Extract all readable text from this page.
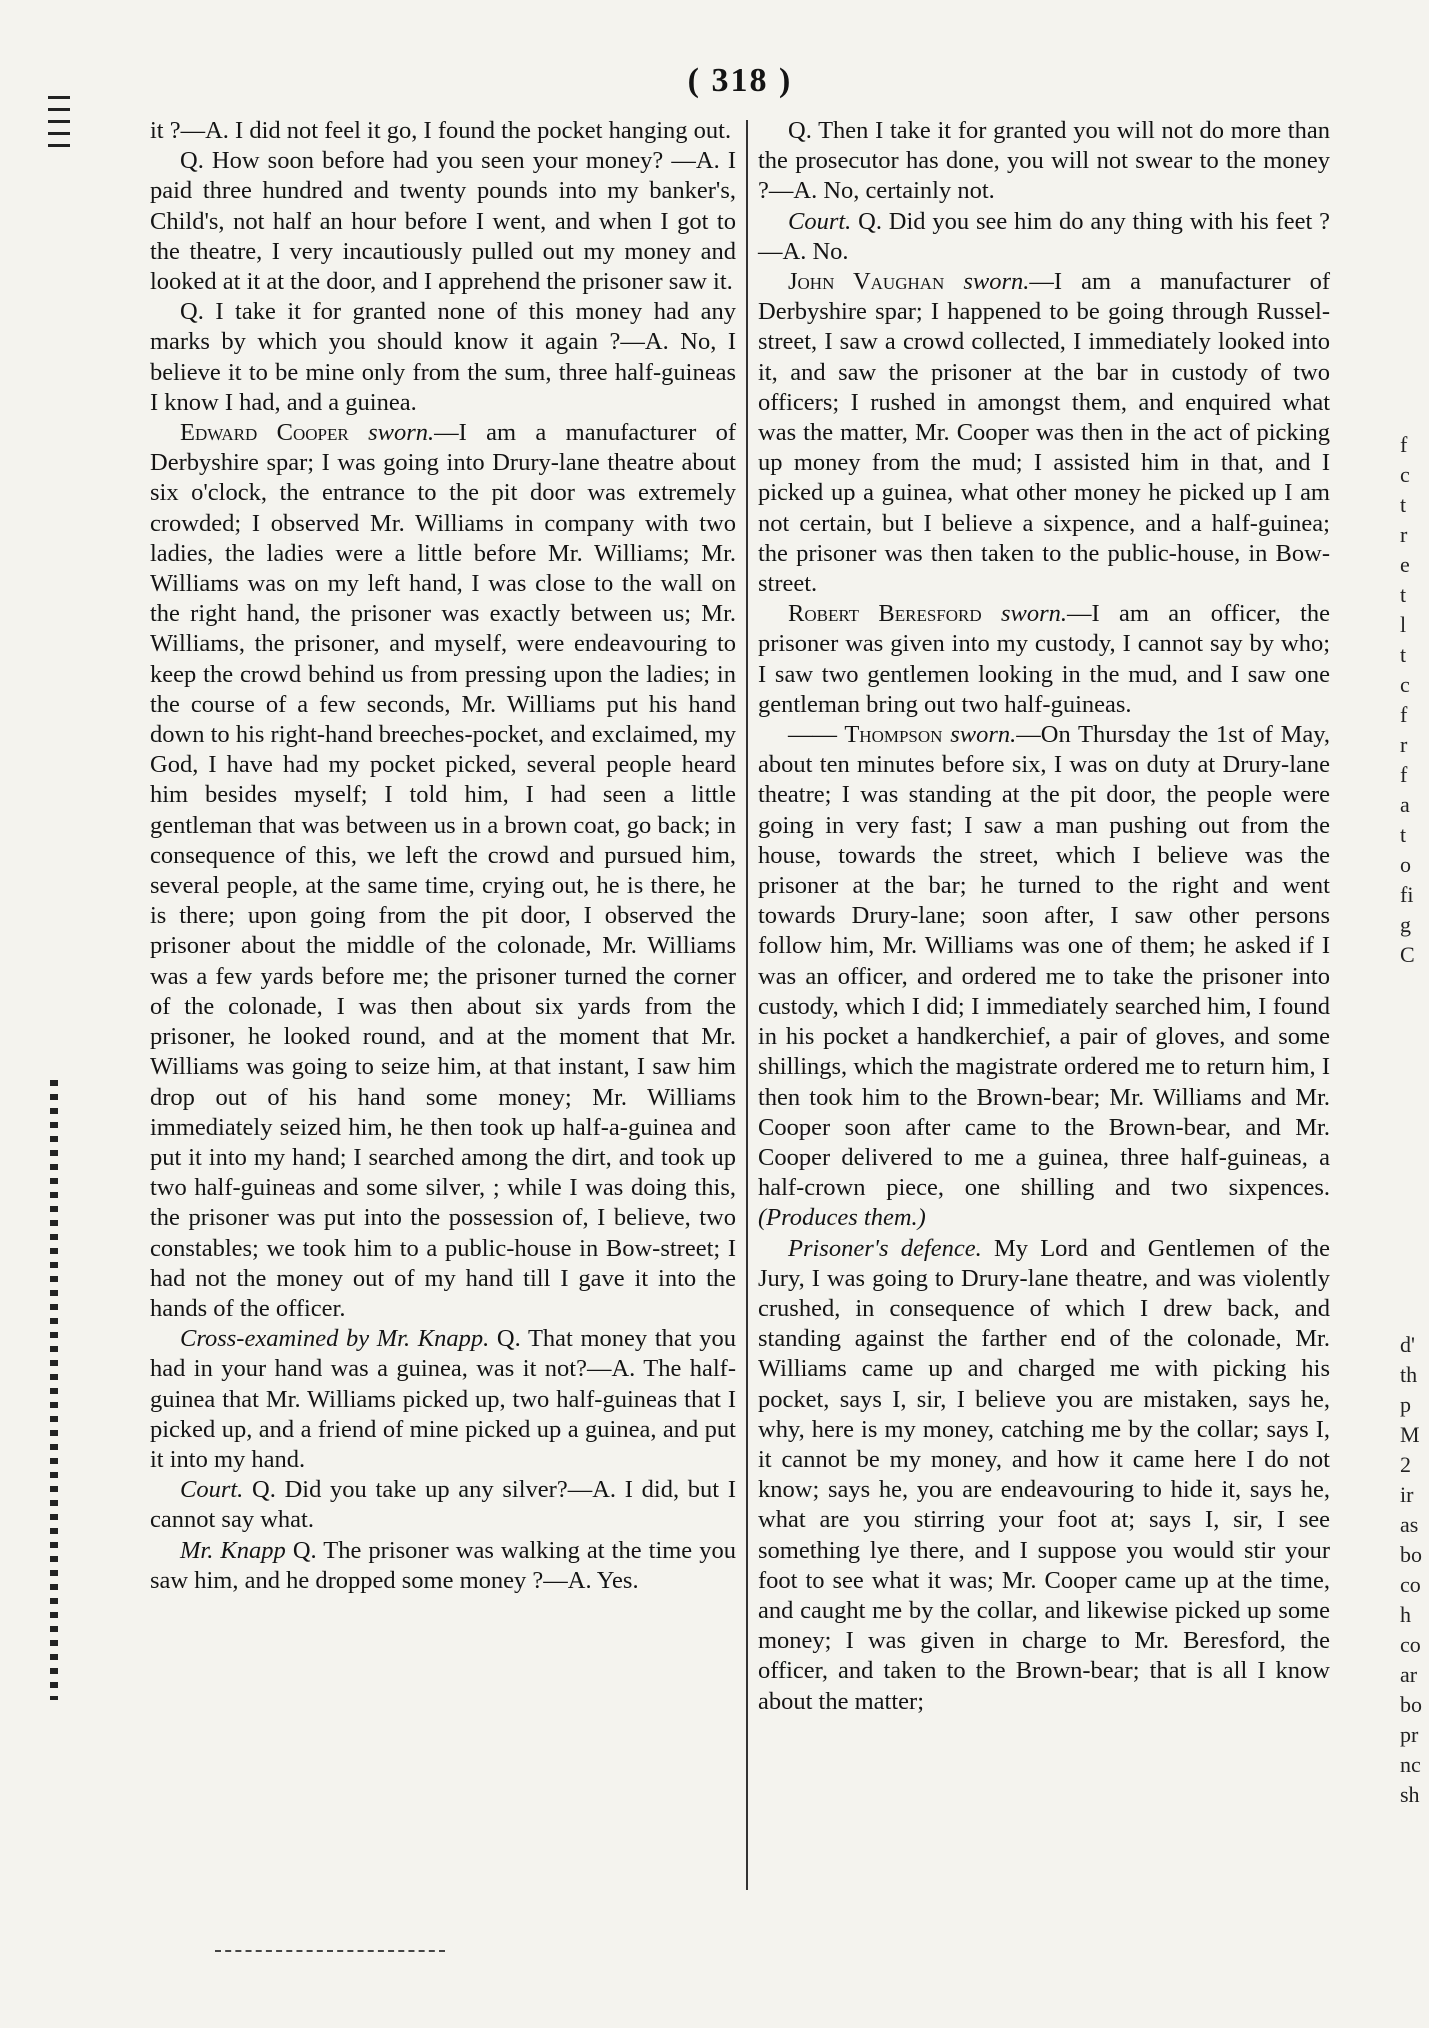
( 318 )

it ?—A. I did not feel it go, I found the pocket hanging out.

Q. How soon before had you seen your money? —A. I paid three hundred and twenty pounds into my banker's, Child's, not half an hour before I went, and when I got to the theatre, I very incautiously pulled out my money and looked at it at the door, and I apprehend the prisoner saw it.

Q. I take it for granted none of this money had any marks by which you should know it again ?—A. No, I believe it to be mine only from the sum, three half-guineas I know I had, and a guinea.

Edward Cooper sworn.—I am a manufacturer of Derbyshire spar; I was going into Drury-lane theatre about six o'clock, the entrance to the pit door was extremely crowded; I observed Mr. Williams in company with two ladies, the ladies were a little before Mr. Williams; Mr. Williams was on my left hand, I was close to the wall on the right hand, the prisoner was exactly between us; Mr. Williams, the prisoner, and myself, were endeavouring to keep the crowd behind us from pressing upon the ladies; in the course of a few seconds, Mr. Williams put his hand down to his right-hand breeches-pocket, and exclaimed, my God, I have had my pocket picked, several people heard him besides myself; I told him, I had seen a little gentleman that was between us in a brown coat, go back; in consequence of this, we left the crowd and pursued him, several people, at the same time, crying out, he is there, he is there; upon going from the pit door, I observed the prisoner about the middle of the colonade, Mr. Williams was a few yards before me; the prisoner turned the corner of the colonade, I was then about six yards from the prisoner, he looked round, and at the moment that Mr. Williams was going to seize him, at that instant, I saw him drop out of his hand some money; Mr. Williams immediately seized him, he then took up half-a-guinea and put it into my hand; I searched among the dirt, and took up two half-guineas and some silver, ; while I was doing this, the prisoner was put into the possession of, I believe, two constables; we took him to a public-house in Bow-street; I had not the money out of my hand till I gave it into the hands of the officer.

Cross-examined by Mr. Knapp. Q. That money that you had in your hand was a guinea, was it not?—A. The half-guinea that Mr. Williams picked up, two half-guineas that I picked up, and a friend of mine picked up a guinea, and put it into my hand.

Court. Q. Did you take up any silver?—A. I did, but I cannot say what.

Mr. Knapp Q. The prisoner was walking at the time you saw him, and he dropped some money ?—A. Yes.

Q. Then I take it for granted you will not do more than the prosecutor has done, you will not swear to the money ?—A. No, certainly not.

Court. Q. Did you see him do any thing with his feet ?—A. No.

John Vaughan sworn.—I am a manufacturer of Derbyshire spar; I happened to be going through Russel-street, I saw a crowd collected, I immediately looked into it, and saw the prisoner at the bar in custody of two officers; I rushed in amongst them, and enquired what was the matter, Mr. Cooper was then in the act of picking up money from the mud; I assisted him in that, and I picked up a guinea, what other money he picked up I am not certain, but I believe a sixpence, and a half-guinea; the prisoner was then taken to the public-house, in Bow-street.

Robert Beresford sworn.—I am an officer, the prisoner was given into my custody, I cannot say by who; I saw two gentlemen looking in the mud, and I saw one gentleman bring out two half-guineas.

—— Thompson sworn.—On Thursday the 1st of May, about ten minutes before six, I was on duty at Drury-lane theatre; I was standing at the pit door, the people were going in very fast; I saw a man pushing out from the house, towards the street, which I believe was the prisoner at the bar; he turned to the right and went towards Drury-lane; soon after, I saw other persons follow him, Mr. Williams was one of them; he asked if I was an officer, and ordered me to take the prisoner into custody, which I did; I immediately searched him, I found in his pocket a handkerchief, a pair of gloves, and some shillings, which the magistrate ordered me to return him, I then took him to the Brown-bear; Mr. Williams and Mr. Cooper soon after came to the Brown-bear, and Mr. Cooper delivered to me a guinea, three half-guineas, a half-crown piece, one shilling and two sixpences. (Produces them.)

Prisoner's defence. My Lord and Gentlemen of the Jury, I was going to Drury-lane theatre, and was violently crushed, in consequence of which I drew back, and standing against the farther end of the colonade, Mr. Williams came up and charged me with picking his pocket, says I, sir, I believe you are mistaken, says he, why, here is my money, catching me by the collar; says I, it cannot be my money, and how it came here I do not know; says he, you are endeavouring to hide it, says he, what are you stirring your foot at; says I, sir, I see something lye there, and I suppose you would stir your foot to see what it was; Mr. Cooper came up at the time, and caught me by the collar, and likewise picked up some money; I was given in charge to Mr. Beresford, the officer, and taken to the Brown-bear; that is all I know about the matter;

f
c
t
r
e
t
l
t
c
f
r
f
a
t
o
fi
g
C
d'
th
p
M
2
ir
as
bo
co
h
co
ar
bo
pr
nc
sh
